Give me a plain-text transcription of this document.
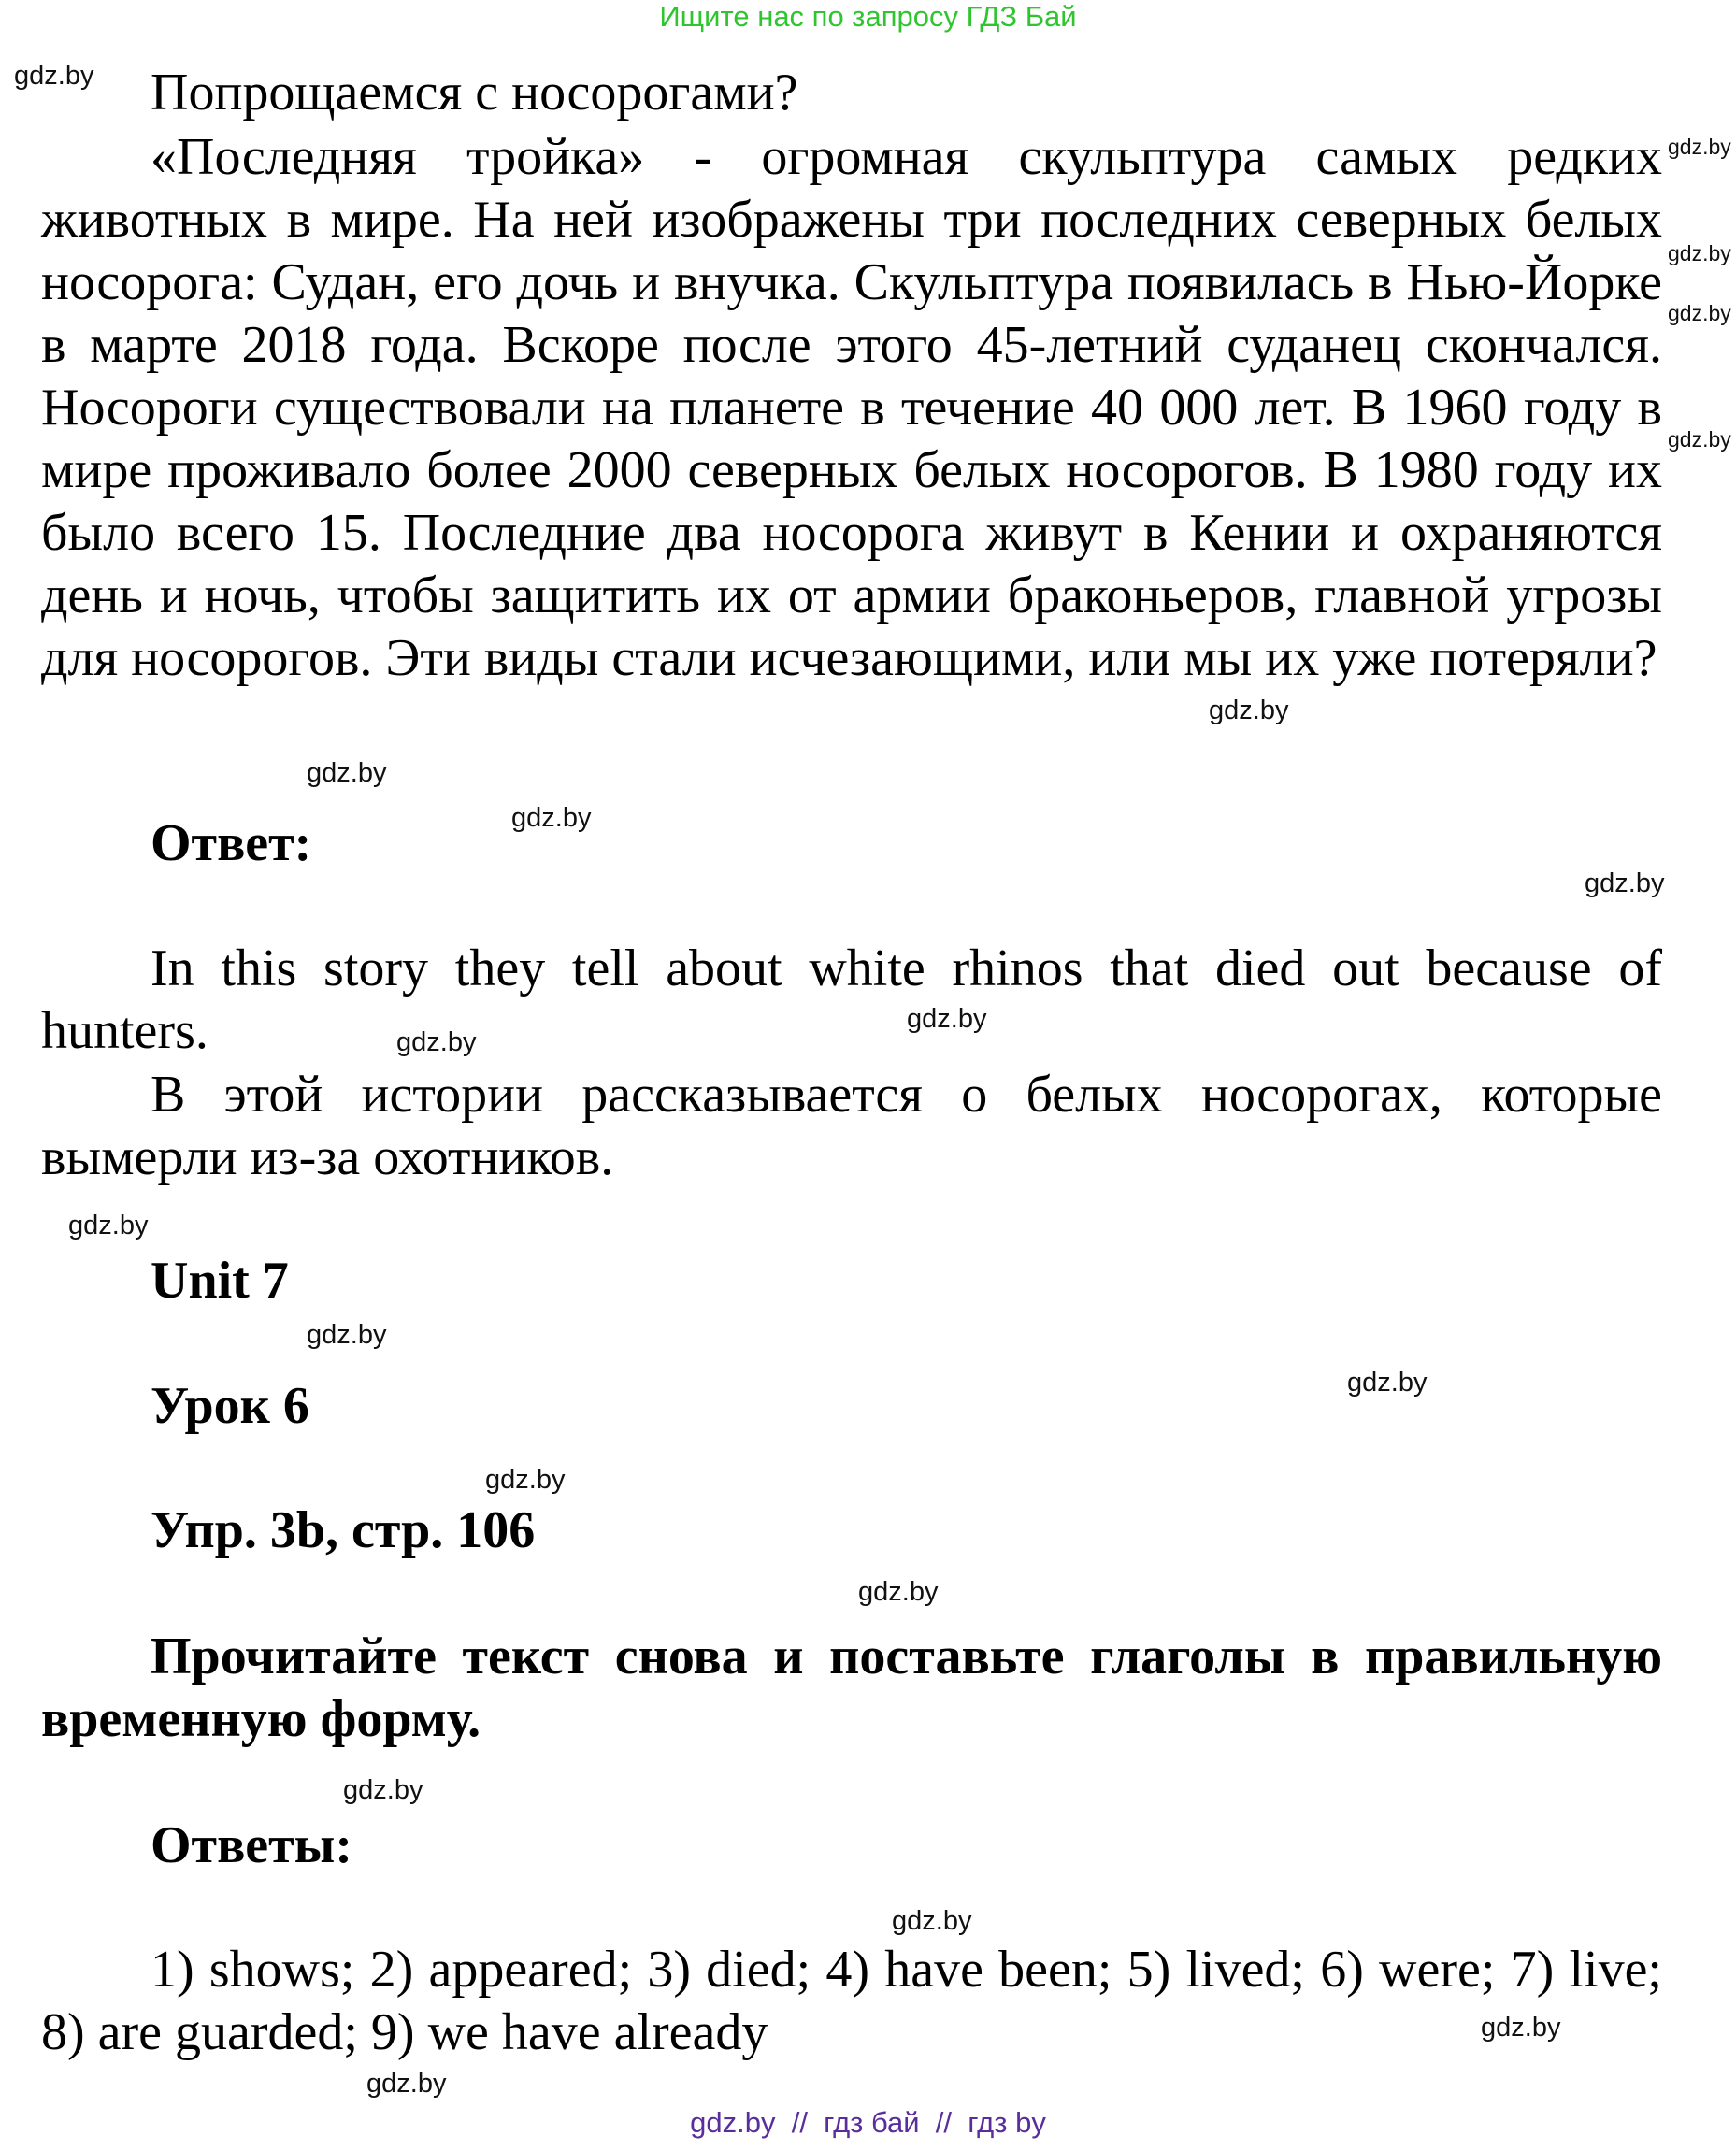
Ищите нас по запросу ГДЗ Бай

Попрощаемся с носорогами?

«Последняя тройка» - огромная скульптура самых редких животных в мире. На ней изображены три последних северных белых носорога: Судан, его дочь и внучка. Скульптура появилась в Нью-Йорке в марте 2018 года. Вскоре после этого 45-летний суданец скончался. Носороги существовали на планете в течение 40 000 лет. В 1960 году в мире проживало более 2000 северных белых носорогов. В 1980 году их было всего 15. Последние два носорога живут в Кении и охраняются день и ночь, чтобы защитить их от армии браконьеров, главной угрозы для носорогов. Эти виды стали исчезающими, или мы их уже потеряли?

Ответ:

In this story they tell about white rhinos that died out because of hunters.

В этой истории рассказывается о белых носорогах, которые вымерли из-за охотников.

Unit 7

Урок 6

Упр. 3b, стр. 106

Прочитайте текст снова и поставьте глаголы в правильную временную форму.

Ответы:

1) shows; 2) appeared; 3) died; 4) have been; 5) lived; 6) were; 7) live; 8) are guarded; 9) we have already

gdz.by
gdz.by
gdz.by
gdz.by
gdz.by
gdz.by
gdz.by
gdz.by
gdz.by
gdz.by
gdz.by
gdz.by
gdz.by
gdz.by
gdz.by
gdz.by
gdz.by
gdz.by
gdz.by
gdz.by
gdz.by  //  гдз бай  //  гдз by
